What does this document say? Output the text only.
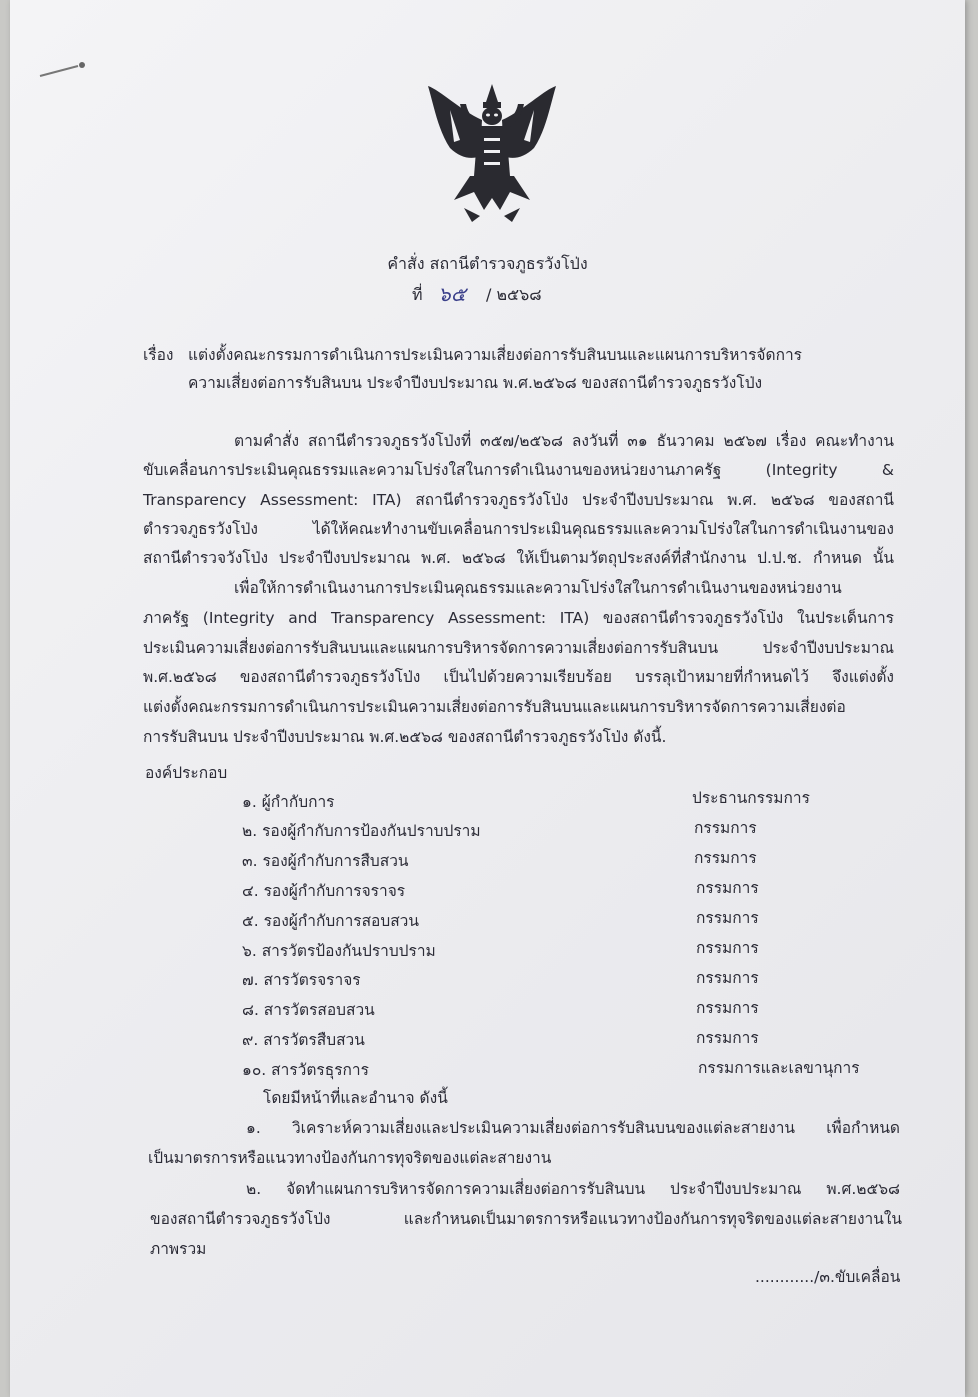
คำสั่ง สถานีตำรวจภูธรวังโป่ง
ที่ ๖๕ / ๒๕๖๘
เรื่อง แต่งตั้งคณะกรรมการดำเนินการประเมินความเสี่ยงต่อการรับสินบนและแผนการบริหารจัดการ
ความเสี่ยงต่อการรับสินบน ประจำปีงบประมาณ พ.ศ.๒๕๖๘ ของสถานีตำรวจภูธรวังโป่ง
ตามคำสั่ง สถานีตำรวจภูธรวังโป่งที่ ๓๕๗/๒๕๖๘ ลงวันที่ ๓๑ ธันวาคม ๒๕๖๗ เรื่อง คณะทำงาน
ขับเคลื่อนการประเมินคุณธรรมและความโปร่งใสในการดำเนินงานของหน่วยงานภาครัฐ (Integrity &
Transparency Assessment: ITA) สถานีตำรวจภูธรวังโป่ง ประจำปีงบประมาณ พ.ศ. ๒๕๖๘ ของสถานี
ตำรวจภูธรวังโป่ง ได้ให้คณะทำงานขับเคลื่อนการประเมินคุณธรรมและความโปร่งใสในการดำเนินงานของ
สถานีตำรวจวังโป่ง ประจำปีงบประมาณ พ.ศ. ๒๕๖๘ ให้เป็นตามวัตถุประสงค์ที่สำนักงาน ป.ป.ช. กำหนด นั้น
เพื่อให้การดำเนินงานการประเมินคุณธรรมและความโปร่งใสในการดำเนินงานของหน่วยงาน
ภาครัฐ (Integrity and Transparency Assessment: ITA) ของสถานีตำรวจภูธรวังโป่ง ในประเด็นการ
ประเมินความเสี่ยงต่อการรับสินบนและแผนการบริหารจัดการความเสี่ยงต่อการรับสินบน ประจำปีงบประมาณ
พ.ศ.๒๕๖๘ ของสถานีตำรวจภูธรวังโป่ง เป็นไปด้วยความเรียบร้อย บรรลุเป้าหมายที่กำหนดไว้ จึงแต่งตั้ง
แต่งตั้งคณะกรรมการดำเนินการประเมินความเสี่ยงต่อการรับสินบนและแผนการบริหารจัดการความเสี่ยงต่อ
การรับสินบน ประจำปีงบประมาณ พ.ศ.๒๕๖๘ ของสถานีตำรวจภูธรวังโป่ง ดังนี้.
องค์ประกอบ
๑. ผู้กำกับการ	ประธานกรรมการ
๒. รองผู้กำกับการป้องกันปราบปราม	กรรมการ
๓. รองผู้กำกับการสืบสวน	กรรมการ
๔. รองผู้กำกับการจราจร	กรรมการ
๕. รองผู้กำกับการสอบสวน	กรรมการ
๖. สารวัตรป้องกันปราบปราม	กรรมการ
๗. สารวัตรจราจร	กรรมการ
๘. สารวัตรสอบสวน	กรรมการ
๙. สารวัตรสืบสวน	กรรมการ
๑๐. สารวัตรธุรการ	กรรมการและเลขานุการ
โดยมีหน้าที่และอำนาจ ดังนี้
๑. วิเคราะห์ความเสี่ยงและประเมินความเสี่ยงต่อการรับสินบนของแต่ละสายงาน เพื่อกำหนด
เป็นมาตรการหรือแนวทางป้องกันการทุจริตของแต่ละสายงาน
๒. จัดทำแผนการบริหารจัดการความเสี่ยงต่อการรับสินบน ประจำปีงบประมาณ พ.ศ.๒๕๖๘
ของสถานีตำรวจภูธรวังโป่ง และกำหนดเป็นมาตรการหรือแนวทางป้องกันการทุจริตของแต่ละสายงานใน
ภาพรวม
............/๓.ขับเคลื่อน
